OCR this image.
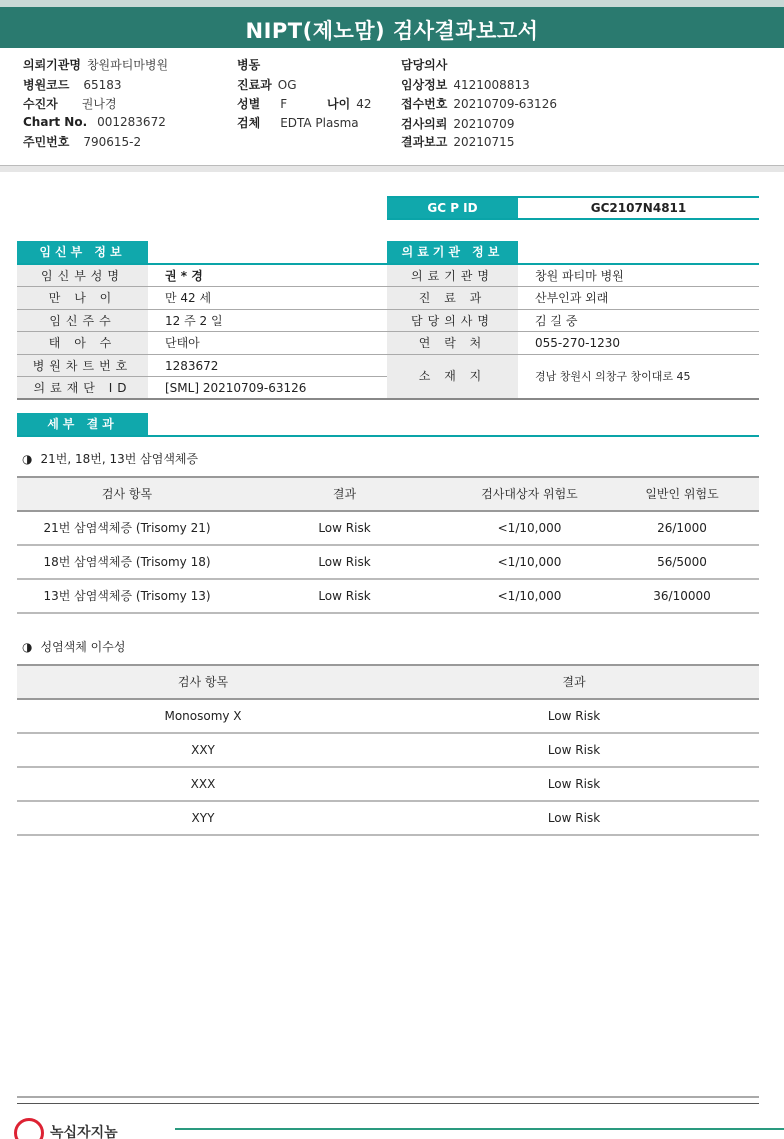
NIPT(제노맘) 검사결과보고서
의뢰기관명 창원파티마병원
병원코드 65183
수진자 권나경
Chart No. 001283672
주민번호 790615-2
병동
진료과 OG
성별 F	나이 42
검체 EDTA Plasma
담당의사
임상정보 4121008813
접수번호 20210709-63126
검사의뢰 20210709
결과보고 20210715
GC P ID	GC2107N4811
임신부 정보
임신부성명	권 * 경
만 나 이	만 42 세
임신주수	12 주 2 일
태 아 수	단태아
병원차트번호	1283672
의료재단 ID	[SML] 20210709-63126
의료기관 정보
의료기관명	창원 파티마 병원
진 료 과	산부인과 외래
담당의사명	김 길 중
연 락 처	055-270-1230
소 재 지	경남 창원시 의창구 창이대로 45
세부 결과
◑ 21번, 18번, 13번 삼염색체증
검사 항목	결과	검사대상자 위험도	일반인 위험도
21번 삼염색체증 (Trisomy 21)	Low Risk	<1/10,000	26/1000
18번 삼염색체증 (Trisomy 18)	Low Risk	<1/10,000	56/5000
13번 삼염색체증 (Trisomy 13)	Low Risk	<1/10,000	36/10000
◑ 성염색체 이수성
검사 항목	결과
Monosomy X	Low Risk
XXY	Low Risk
XXX	Low Risk
XYY	Low Risk
녹십자지놈
